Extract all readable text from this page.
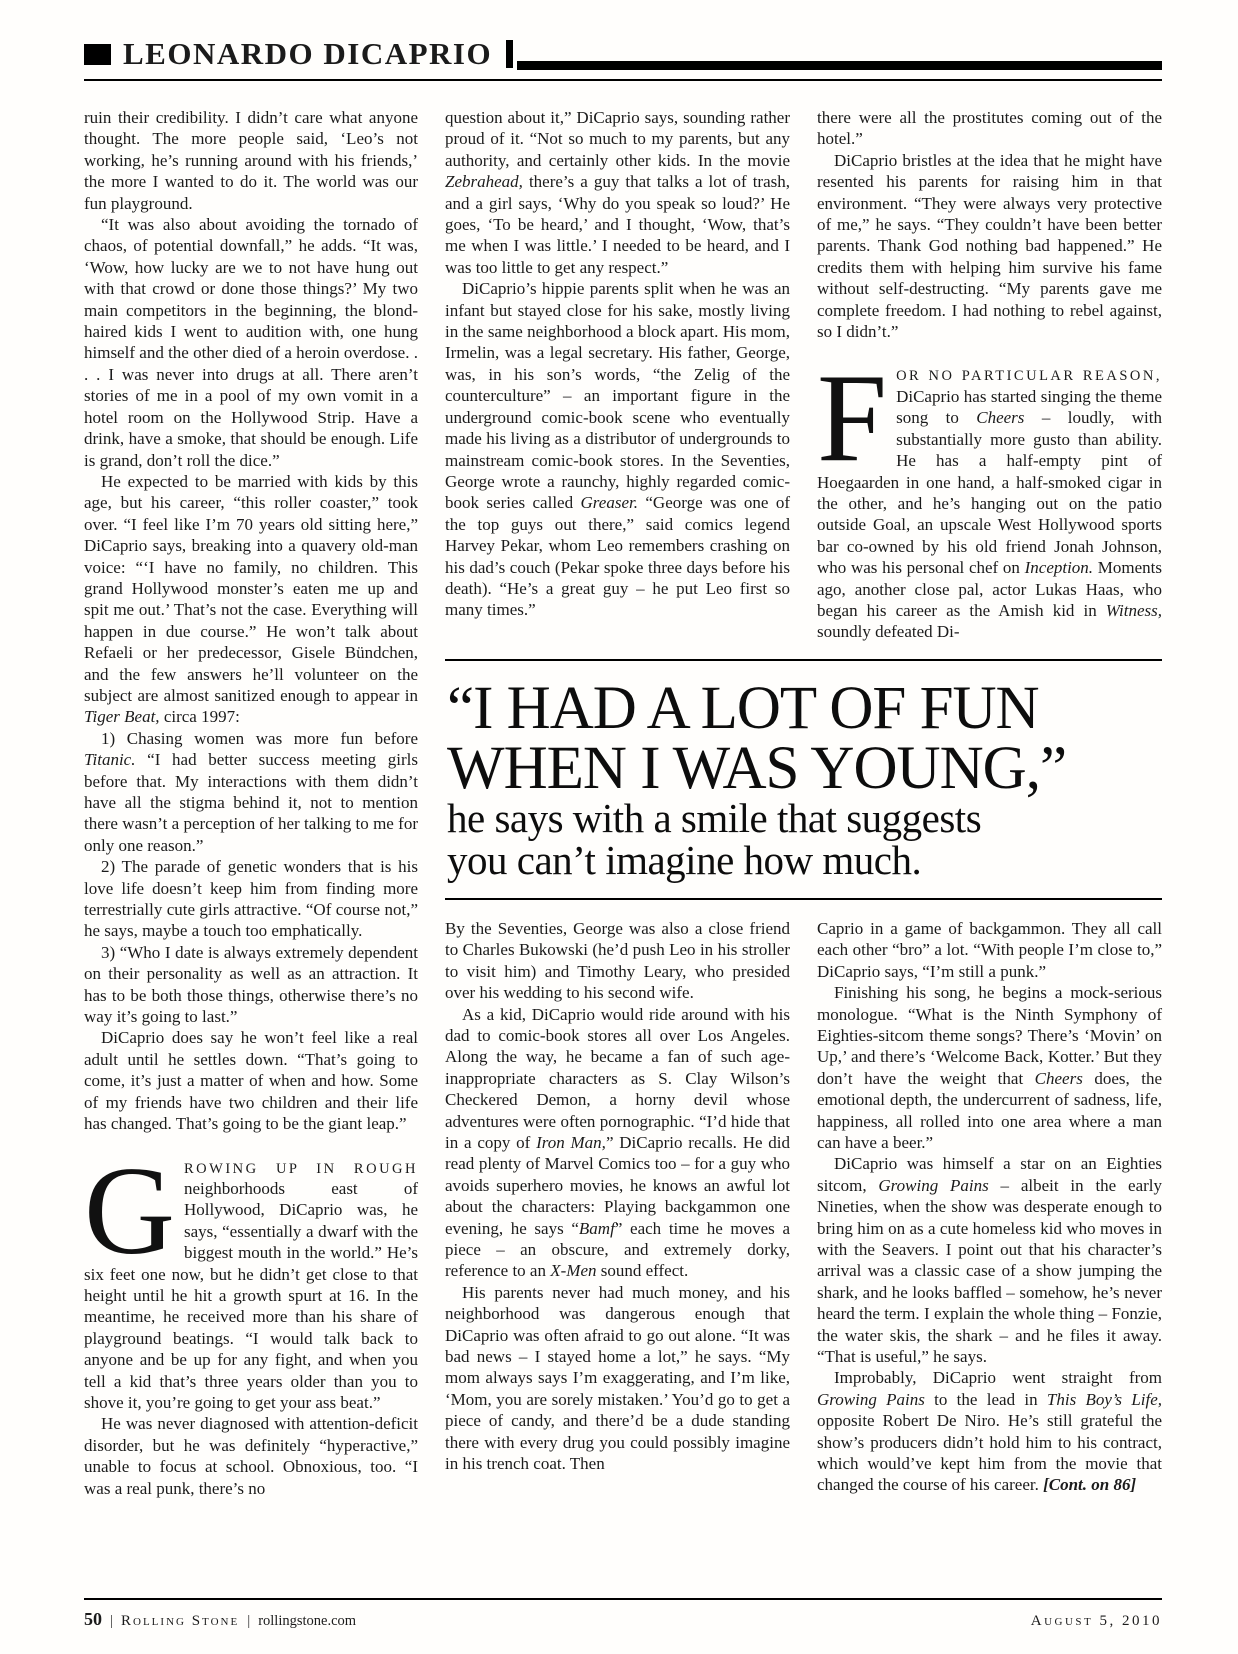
LEONARDO DICAPRIO

ruin their credibility. I didn’t care what anyone thought. The more people said, ‘Leo’s not working, he’s running around with his friends,’ the more I wanted to do it. The world was our fun playground.

“It was also about avoiding the tornado of chaos, of potential downfall,” he adds. “It was, ‘Wow, how lucky are we to not have hung out with that crowd or done those things?’ My two main competitors in the beginning, the blond-haired kids I went to audition with, one hung himself and the other died of a heroin overdose. . . . I was never into drugs at all. There aren’t stories of me in a pool of my own vomit in a hotel room on the Hollywood Strip. Have a drink, have a smoke, that should be enough. Life is grand, don’t roll the dice.”

He expected to be married with kids by this age, but his career, “this roller coaster,” took over. “I feel like I’m 70 years old sitting here,” DiCaprio says, breaking into a quavery old-man voice: “‘I have no family, no children. This grand Hollywood monster’s eaten me up and spit me out.’ That’s not the case. Everything will happen in due course.” He won’t talk about Refaeli or her predecessor, Gisele Bündchen, and the few answers he’ll volunteer on the subject are almost sanitized enough to appear in Tiger Beat, circa 1997:

1) Chasing women was more fun before Titanic. “I had better success meeting girls before that. My interactions with them didn’t have all the stigma behind it, not to mention there wasn’t a perception of her talking to me for only one reason.”

2) The parade of genetic wonders that is his love life doesn’t keep him from finding more terrestrially cute girls attractive. “Of course not,” he says, maybe a touch too emphatically.

3) “Who I date is always extremely dependent on their personality as well as an attraction. It has to be both those things, otherwise there’s no way it’s going to last.”

DiCaprio does say he won’t feel like a real adult until he settles down. “That’s going to come, it’s just a matter of when and how. Some of my friends have two children and their life has changed. That’s going to be the giant leap.”

GROWING UP IN ROUGH neighborhoods east of Hollywood, DiCaprio was, he says, “essentially a dwarf with the biggest mouth in the world.” He’s six feet one now, but he didn’t get close to that height until he hit a growth spurt at 16. In the meantime, he received more than his share of playground beatings. “I would talk back to anyone and be up for any fight, and when you tell a kid that’s three years older than you to shove it, you’re going to get your ass beat.”

He was never diagnosed with attention-deficit disorder, but he was definitely “hyperactive,” unable to focus at school. Obnoxious, too. “I was a real punk, there’s no

question about it,” DiCaprio says, sounding rather proud of it. “Not so much to my parents, but any authority, and certainly other kids. In the movie Zebrahead, there’s a guy that talks a lot of trash, and a girl says, ‘Why do you speak so loud?’ He goes, ‘To be heard,’ and I thought, ‘Wow, that’s me when I was little.’ I needed to be heard, and I was too little to get any respect.”

DiCaprio’s hippie parents split when he was an infant but stayed close for his sake, mostly living in the same neighborhood a block apart. His mom, Irmelin, was a legal secretary. His father, George, was, in his son’s words, “the Zelig of the counterculture” – an important figure in the underground comic-book scene who eventually made his living as a distributor of undergrounds to mainstream comic-book stores. In the Seventies, George wrote a raunchy, highly regarded comic-book series called Greaser. “George was one of the top guys out there,” said comics legend Harvey Pekar, whom Leo remembers crashing on his dad’s couch (Pekar spoke three days before his death). “He’s a great guy – he put Leo first so many times.”

there were all the prostitutes coming out of the hotel.”

DiCaprio bristles at the idea that he might have resented his parents for raising him in that environment. “They were always very protective of me,” he says. “They couldn’t have been better parents. Thank God nothing bad happened.” He credits them with helping him survive his fame without self-destructing. “My parents gave me complete freedom. I had nothing to rebel against, so I didn’t.”

FOR NO PARTICULAR REASON, DiCaprio has started singing the theme song to Cheers – loudly, with substantially more gusto than ability. He has a half-empty pint of Hoegaarden in one hand, a half-smoked cigar in the other, and he’s hanging out on the patio outside Goal, an upscale West Hollywood sports bar co-owned by his old friend Jonah Johnson, who was his personal chef on Inception. Moments ago, another close pal, actor Lukas Haas, who began his career as the Amish kid in Witness, soundly defeated Di-

“I HAD A LOT OF FUN
WHEN I WAS YOUNG,”
he says with a smile that suggests
you can’t imagine how much.

By the Seventies, George was also a close friend to Charles Bukowski (he’d push Leo in his stroller to visit him) and Timothy Leary, who presided over his wedding to his second wife.

As a kid, DiCaprio would ride around with his dad to comic-book stores all over Los Angeles. Along the way, he became a fan of such age-inappropriate characters as S. Clay Wilson’s Checkered Demon, a horny devil whose adventures were often pornographic. “I’d hide that in a copy of Iron Man,” DiCaprio recalls. He did read plenty of Marvel Comics too – for a guy who avoids superhero movies, he knows an awful lot about the characters: Playing backgammon one evening, he says “Bamf” each time he moves a piece – an obscure, and extremely dorky, reference to an X-Men sound effect.

His parents never had much money, and his neighborhood was dangerous enough that DiCaprio was often afraid to go out alone. “It was bad news – I stayed home a lot,” he says. “My mom always says I’m exaggerating, and I’m like, ‘Mom, you are sorely mistaken.’ You’d go to get a piece of candy, and there’d be a dude standing there with every drug you could possibly imagine in his trench coat. Then

Caprio in a game of backgammon. They all call each other “bro” a lot. “With people I’m close to,” DiCaprio says, “I’m still a punk.”

Finishing his song, he begins a mock-serious monologue. “What is the Ninth Symphony of Eighties-sitcom theme songs? There’s ‘Movin’ on Up,’ and there’s ‘Welcome Back, Kotter.’ But they don’t have the weight that Cheers does, the emotional depth, the undercurrent of sadness, life, happiness, all rolled into one area where a man can have a beer.”

DiCaprio was himself a star on an Eighties sitcom, Growing Pains – albeit in the early Nineties, when the show was desperate enough to bring him on as a cute homeless kid who moves in with the Seavers. I point out that his character’s arrival was a classic case of a show jumping the shark, and he looks baffled – somehow, he’s never heard the term. I explain the whole thing – Fonzie, the water skis, the shark – and he files it away. “That is useful,” he says.

Improbably, DiCaprio went straight from Growing Pains to the lead in This Boy’s Life, opposite Robert De Niro. He’s still grateful the show’s producers didn’t hold him to his contract, which would’ve kept him from the movie that changed the course of his career. [Cont. on 86]

50 | Rolling Stone | rollingstone.com	August 5, 2010
